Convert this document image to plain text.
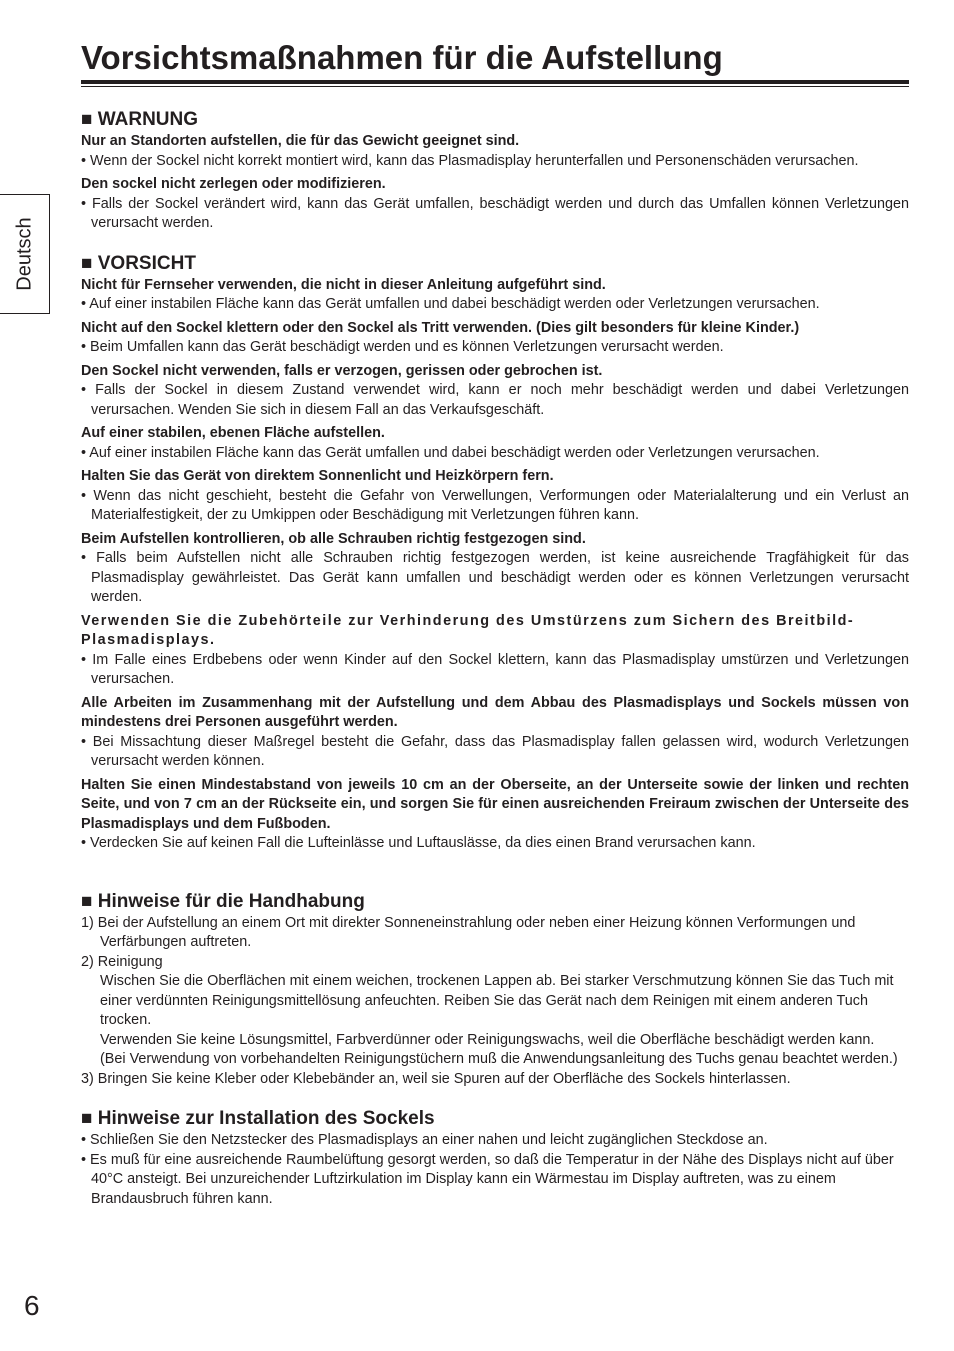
Vorsichtsmaßnahmen für die Aufstellung
Deutsch
■ WARNUNG
Nur an Standorten aufstellen, die für das Gewicht geeignet sind.
• Wenn der Sockel nicht korrekt montiert wird, kann das Plasmadisplay herunterfallen und Personenschäden verursachen.
Den sockel nicht zerlegen oder modifizieren.
• Falls der Sockel verändert wird, kann das Gerät umfallen, beschädigt werden und durch das Umfallen können Verletzungen verursacht werden.
■ VORSICHT
Nicht für Fernseher verwenden, die nicht in dieser Anleitung aufgeführt sind.
• Auf einer instabilen Fläche kann das Gerät umfallen und dabei beschädigt werden oder Verletzungen verursachen.
Nicht auf den Sockel klettern oder den Sockel als Tritt verwenden. (Dies gilt besonders für kleine Kinder.)
• Beim Umfallen kann das Gerät beschädigt werden und es können Verletzungen verursacht werden.
Den Sockel nicht verwenden, falls er verzogen, gerissen oder gebrochen ist.
• Falls der Sockel in diesem Zustand verwendet wird, kann er noch mehr beschädigt werden und dabei Verletzungen verursachen. Wenden Sie sich in diesem Fall an das Verkaufsgeschäft.
Auf einer stabilen, ebenen Fläche aufstellen.
• Auf einer instabilen Fläche kann das Gerät umfallen und dabei beschädigt werden oder Verletzungen verursachen.
Halten Sie das Gerät von direktem Sonnenlicht und Heizkörpern fern.
• Wenn das nicht geschieht, besteht die Gefahr von Verwellungen, Verformungen oder Materialalterung und ein Verlust an Materialfestigkeit, der zu Umkippen oder Beschädigung mit Verletzungen führen kann.
Beim Aufstellen kontrollieren, ob alle Schrauben richtig festgezogen sind.
• Falls beim Aufstellen nicht alle Schrauben richtig festgezogen werden, ist keine ausreichende Tragfähigkeit für das Plasmadisplay gewährleistet. Das Gerät kann umfallen und beschädigt werden oder es können Verletzungen verursacht werden.
Verwenden Sie die Zubehörteile zur Verhinderung des Umstürzens zum Sichern des Breitbild-Plasmadisplays.
• Im Falle eines Erdbebens oder wenn Kinder auf den Sockel klettern, kann das Plasmadisplay umstürzen und Verletzungen verursachen.
Alle Arbeiten im Zusammenhang mit der Aufstellung und dem Abbau des Plasmadisplays und Sockels müssen von mindestens drei Personen ausgeführt werden.
• Bei Missachtung dieser Maßregel besteht die Gefahr, dass das Plasmadisplay fallen gelassen wird, wodurch Verletzungen verursacht werden können.
Halten Sie einen Mindestabstand von jeweils 10 cm an der Oberseite, an der Unterseite sowie der linken und rechten Seite, und von 7 cm an der Rückseite ein, und sorgen Sie für einen ausreichenden Freiraum zwischen der Unterseite des Plasmadisplays und dem Fußboden.
• Verdecken Sie auf keinen Fall die Lufteinlässe und Luftauslässe, da dies einen Brand verursachen kann.
■ Hinweise für die Handhabung
1) Bei der Aufstellung an einem Ort mit direkter Sonneneinstrahlung oder neben einer Heizung können Verformungen und Verfärbungen auftreten.
2) Reinigung
Wischen Sie die Oberflächen mit einem weichen, trockenen Lappen ab. Bei starker Verschmutzung können Sie das Tuch mit einer verdünnten Reinigungsmittellösung anfeuchten. Reiben Sie das Gerät nach dem Reinigen mit einem anderen Tuch trocken.
Verwenden Sie keine Lösungsmittel, Farbverdünner oder Reinigungswachs, weil die Oberfläche beschädigt werden kann.
(Bei Verwendung von vorbehandelten Reinigungstüchern muß die Anwendungsanleitung des Tuchs genau beachtet werden.)
3) Bringen Sie keine Kleber oder Klebebänder an, weil sie Spuren auf der Oberfläche des Sockels hinterlassen.
■ Hinweise zur Installation des Sockels
• Schließen Sie den Netzstecker des Plasmadisplays an einer nahen und leicht zugänglichen Steckdose an.
• Es muß für eine ausreichende Raumbelüftung gesorgt werden, so daß die Temperatur in der Nähe des Displays nicht auf über 40°C ansteigt. Bei unzureichender Luftzirkulation im Display kann ein Wärmestau im Display auftreten, was zu einem Brandausbruch führen kann.
6
